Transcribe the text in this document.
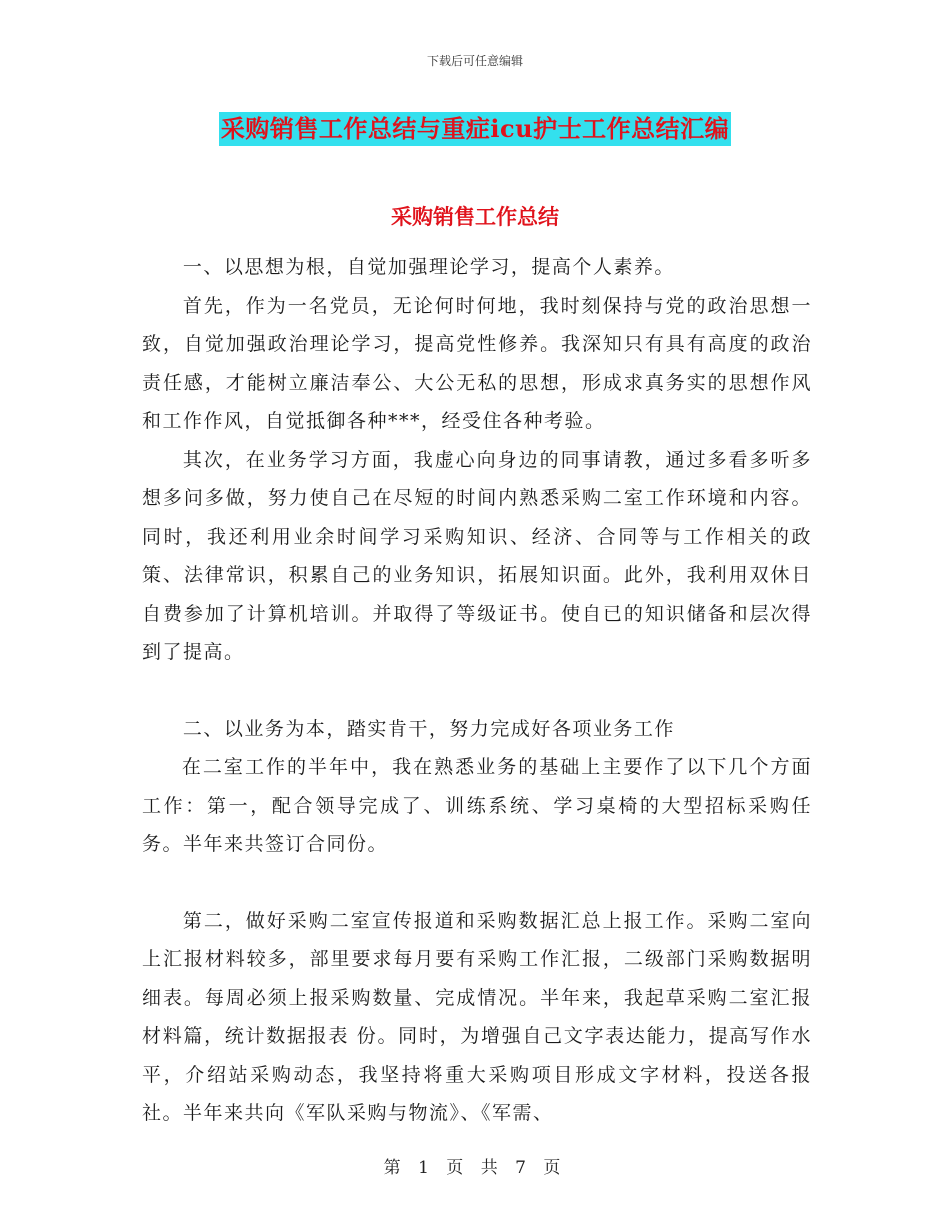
下载后可任意编辑
采购销售工作总结与重症icu护士工作总结汇编
采购销售工作总结

一、以思想为根，自觉加强理论学习，提高个人素养。

首先，作为一名党员，无论何时何地，我时刻保持与党的政治思想一致，自觉加强政治理论学习，提高党性修养。我深知只有具有高度的政治责任感，才能树立廉洁奉公、大公无私的思想，形成求真务实的思想作风和工作作风，自觉抵御各种***，经受住各种考验。

其次，在业务学习方面，我虚心向身边的同事请教，通过多看多听多想多问多做，努力使自己在尽短的时间内熟悉采购二室工作环境和内容。同时，我还利用业余时间学习采购知识、经济、合同等与工作相关的政策、法律常识，积累自己的业务知识，拓展知识面。此外，我利用双休日自费参加了计算机培训。并取得了等级证书。使自已的知识储备和层次得到了提高。

二、以业务为本，踏实肯干，努力完成好各项业务工作

在二室工作的半年中，我在熟悉业务的基础上主要作了以下几个方面工作：第一，配合领导完成了、训练系统、学习桌椅的大型招标采购任务。半年来共签订合同份。

第二，做好采购二室宣传报道和采购数据汇总上报工作。采购二室向上汇报材料较多，部里要求每月要有采购工作汇报，二级部门采购数据明细表。每周必须上报采购数量、完成情况。半年来，我起草采购二室汇报材料篇，统计数据报表 份。同时，为增强自己文字表达能力，提高写作水平，介绍站采购动态，我坚持将重大采购项目形成文字材料，投送各报社。半年来共向《军队采购与物流》、《军需、

第 1 页 共 7 页
